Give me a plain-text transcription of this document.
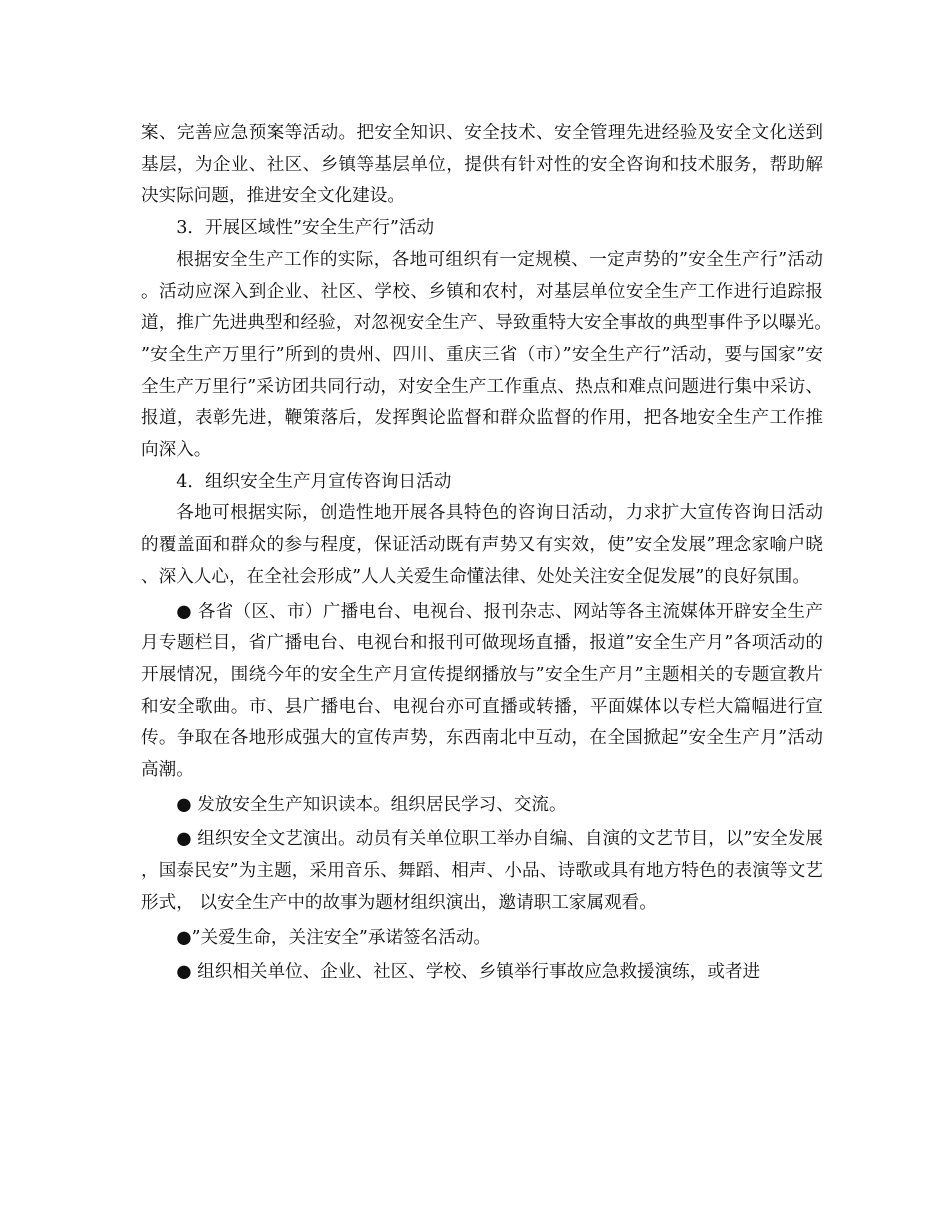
案、完善应急预案等活动。把安全知识、安全技术、安全管理先进经验及安全文化送到基层，为企业、社区、乡镇等基层单位，提供有针对性的安全咨询和技术服务，帮助解决实际问题，推进安全文化建设。

3．开展区域性”安全生产行”活动

根据安全生产工作的实际，各地可组织有一定规模、一定声势的”安全生产行”活动。活动应深入到企业、社区、学校、乡镇和农村，对基层单位安全生产工作进行追踪报道，推广先进典型和经验，对忽视安全生产、导致重特大安全事故的典型事件予以曝光。”安全生产万里行”所到的贵州、四川、重庆三省（市）”安全生产行”活动，要与国家”安全生产万里行”采访团共同行动，对安全生产工作重点、热点和难点问题进行集中采访、报道，表彰先进，鞭策落后，发挥舆论监督和群众监督的作用，把各地安全生产工作推向深入。

4．组织安全生产月宣传咨询日活动

各地可根据实际，创造性地开展各具特色的咨询日活动，力求扩大宣传咨询日活动的覆盖面和群众的参与程度，保证活动既有声势又有实效，使”安全发展”理念家喻户晓、深入人心，在全社会形成”人人关爱生命懂法律、处处关注安全促发展”的良好氛围。

● 各省（区、市）广播电台、电视台、报刊杂志、网站等各主流媒体开辟安全生产月专题栏目，省广播电台、电视台和报刊可做现场直播，报道”安全生产月”各项活动的开展情况，围绕今年的安全生产月宣传提纲播放与”安全生产月”主题相关的专题宣教片和安全歌曲。市、县广播电台、电视台亦可直播或转播，平面媒体以专栏大篇幅进行宣传。争取在各地形成强大的宣传声势，东西南北中互动，在全国掀起”安全生产月”活动高潮。

● 发放安全生产知识读本。组织居民学习、交流。

● 组织安全文艺演出。动员有关单位职工举办自编、自演的文艺节目，以”安全发展，国泰民安”为主题，采用音乐、舞蹈、相声、小品、诗歌或具有地方特色的表演等文艺形式， 以安全生产中的故事为题材组织演出，邀请职工家属观看。

●”关爱生命，关注安全”承诺签名活动。

● 组织相关单位、企业、社区、学校、乡镇举行事故应急救援演练，或者进
